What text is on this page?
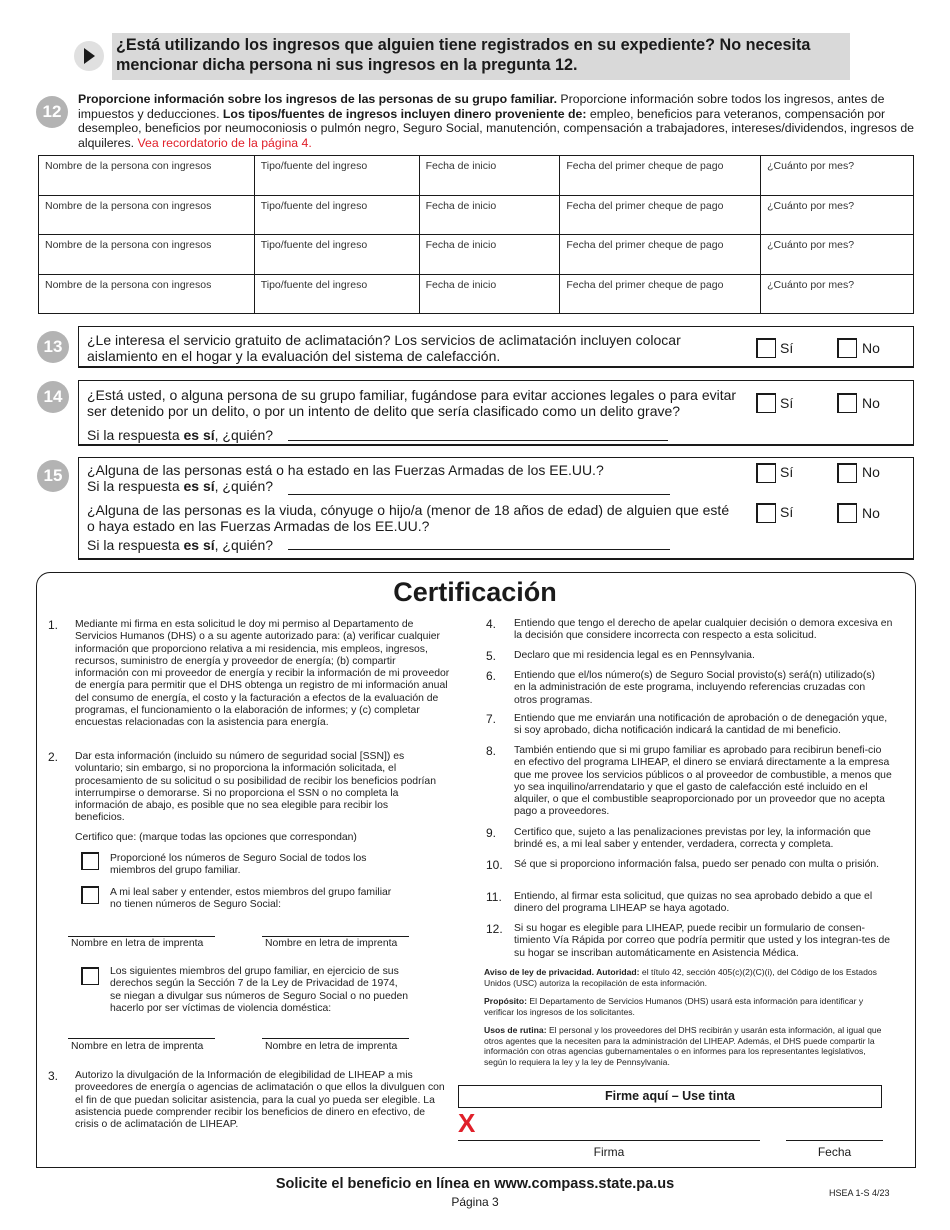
¿Está utilizando los ingresos que alguien tiene registrados en su expediente? No necesita mencionar dicha persona ni sus ingresos en la pregunta 12.
12
Proporcione información sobre los ingresos de las personas de su grupo familiar. Proporcione información sobre todos los ingresos, antes de impuestos y deducciones. Los tipos/fuentes de ingresos incluyen dinero proveniente de: empleo, beneficios para veteranos, compensación por desempleo, beneficios por neumoconiosis o pulmón negro, Seguro Social, manutención, compensación a trabajadores, intereses/dividendos, ingresos de alquileres. Vea recordatorio de la página 4.
Nombre de la persona con ingresos	Tipo/fuente del ingreso	Fecha de inicio	Fecha del primer cheque de pago	¿Cuánto por mes?
Nombre de la persona con ingresos	Tipo/fuente del ingreso	Fecha de inicio	Fecha del primer cheque de pago	¿Cuánto por mes?
Nombre de la persona con ingresos	Tipo/fuente del ingreso	Fecha de inicio	Fecha del primer cheque de pago	¿Cuánto por mes?
Nombre de la persona con ingresos	Tipo/fuente del ingreso	Fecha de inicio	Fecha del primer cheque de pago	¿Cuánto por mes?
13	¿Le interesa el servicio gratuito de aclimatación? Los servicios de aclimatación incluyen colocar aislamiento en el hogar y la evaluación del sistema de calefacción.	Sí	No
14	¿Está usted, o alguna persona de su grupo familiar, fugándose para evitar acciones legales o para evitar ser detenido por un delito, o por un intento de delito que sería clasificado como un delito grave?	Sí	No
Si la respuesta es sí, ¿quién?
15	¿Alguna de las personas está o ha estado en las Fuerzas Armadas de los EE.UU.?
Si la respuesta es sí, ¿quién?
Sí	No
¿Alguna de las personas es la viuda, cónyuge o hijo/a (menor de 18 años de edad) de alguien que esté o haya estado en las Fuerzas Armadas de los EE.UU.?
Si la respuesta es sí, ¿quién?
Sí	No
Certificación
1. Mediante mi firma en esta solicitud le doy mi permiso al Departamento de Servicios Humanos (DHS) o a su agente autorizado para: (a) verificar cualquier información que proporciono relativa a mi residencia, mis empleos, ingresos, recursos, suministro de energía y proveedor de energía; (b) compartir información con mi proveedor de energía y recibir la información de mi proveedor de energía para permitir que el DHS obtenga un registro de mi información anual del consumo de energía, el costo y la facturación a efectos de la evaluación de programas, el funcionamiento o la elaboración de informes; y (c) completar encuestas relacionadas con la asistencia para energía.
2. Dar esta información (incluido su número de seguridad social [SSN]) es voluntario; sin embargo, si no proporciona la información solicitada, el procesamiento de su solicitud o su posibilidad de recibir los beneficios podrían interrumpirse o demorarse. Si no proporciona el SSN o no completa la información de abajo, es posible que no sea elegible para recibir los beneficios.
Certifico que: (marque todas las opciones que correspondan)
Proporcioné los números de Seguro Social de todos los miembros del grupo familiar.
A mi leal saber y entender, estos miembros del grupo familiar no tienen números de Seguro Social:
Nombre en letra de imprenta	Nombre en letra de imprenta
Los siguientes miembros del grupo familiar, en ejercicio de sus derechos según la Sección 7 de la Ley de Privacidad de 1974, se niegan a divulgar sus números de Seguro Social o no pueden hacerlo por ser víctimas de violencia doméstica:
Nombre en letra de imprenta	Nombre en letra de imprenta
3. Autorizo la divulgación de la Información de elegibilidad de LIHEAP a mis proveedores de energía o agencias de aclimatación o que ellos la divulguen con el fin de que puedan solicitar asistencia, para la cual yo pueda ser elegible. La asistencia puede comprender recibir los beneficios de dinero en efectivo, de crisis o de aclimatación de LIHEAP.
4. Entiendo que tengo el derecho de apelar cualquier decisión o demora excesiva en la decisión que considere incorrecta con respecto a esta solicitud.
5. Declaro que mi residencia legal es en Pennsylvania.
6. Entiendo que el/los número(s) de Seguro Social provisto(s) será(n) utilizado(s) en la administración de este programa, incluyendo referencias cruzadas con otros programas.
7. Entiendo que me enviarán una notificación de aprobación o de denegación yque, si soy aprobado, dicha notificación indicará la cantidad de mi beneficio.
8. También entiendo que si mi grupo familiar es aprobado para recibirun benefi-cio en efectivo del programa LIHEAP, el dinero se enviará directamente a la empresa que me provee los servicios públicos o al proveedor de combustible, a menos que yo sea inquilino/arrendatario y que el gasto de calefacción esté incluido en el alquiler, o que el combustible seaproporcionado por un proveedor que no acepta pago a proveedores.
9. Certifico que, sujeto a las penalizaciones previstas por ley, la información que brindé es, a mi leal saber y entender, verdadera, correcta y completa.
10. Sé que si proporciono información falsa, puedo ser penado con multa o prisión.
11. Entiendo, al firmar esta solicitud, que quizas no sea aprobado debido a que el dinero del programa LIHEAP se haya agotado.
12. Si su hogar es elegible para LIHEAP, puede recibir un formulario de consen-timiento Vía Rápida por correo que podría permitir que usted y los integran-tes de su hogar se inscriban automáticamente en Asistencia Médica.
Aviso de ley de privacidad. Autoridad: el título 42, sección 405(c)(2)(C)(i), del Código de los Estados Unidos (USC) autoriza la recopilación de esta información.
Propósito: El Departamento de Servicios Humanos (DHS) usará esta información para identificar y verificar los ingresos de los solicitantes.
Usos de rutina: El personal y los proveedores del DHS recibirán y usarán esta información, al igual que otros agentes que la necesiten para la administración del LIHEAP. Además, el DHS puede compartir la información con otras agencias gubernamentales o en informes para los representantes legislativos, según lo requiera la ley y la ley de Pennsylvania.
Firme aquí – Use tinta
X
Firma	Fecha
Solicite el beneficio en línea en www.compass.state.pa.us
Página 3
HSEA 1-S 4/23
